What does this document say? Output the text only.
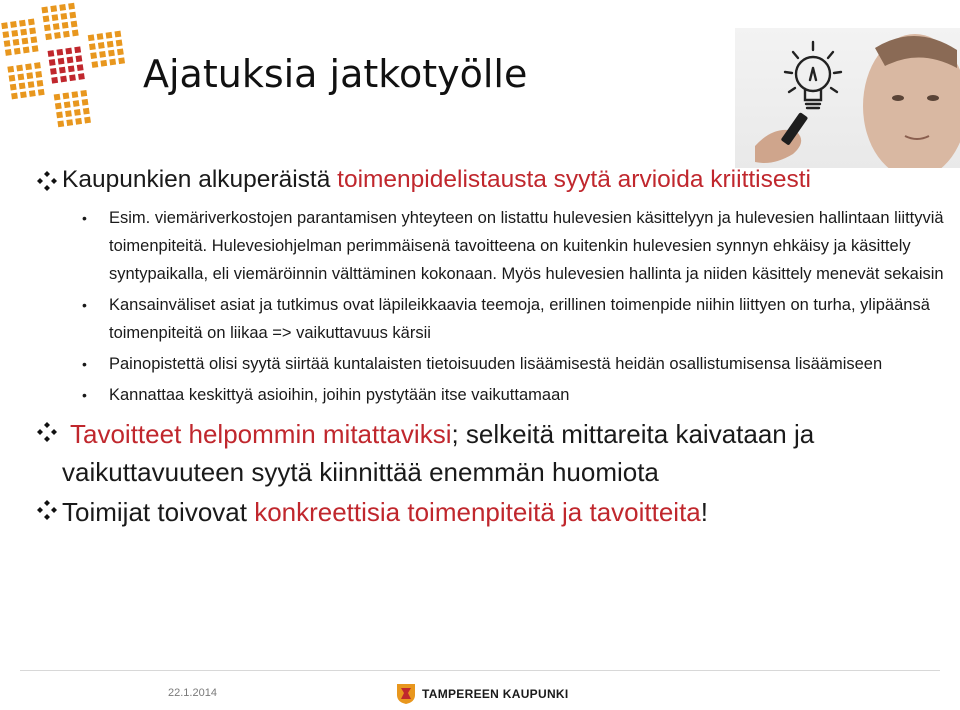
Ajatuksia jatkotyölle

Kaupunkien alkuperäistä toimenpidelistausta syytä arvioida kriittisesti

• Esim. viemäriverkostojen parantamisen yhteyteen on listattu hulevesien käsittelyyn ja hulevesien hallintaan liittyviä toimenpiteitä. Hulevesiohjelman perimmäisenä tavoitteena on kuitenkin hulevesien synnyn ehkäisy ja käsittely syntypaikalla, eli viemäröinnin välttäminen kokonaan. Myös hulevesien hallinta ja niiden käsittely menevät sekaisin
• Kansainväliset asiat ja tutkimus ovat läpileikkaavia teemoja, erillinen toimenpide niihin liittyen on turha, ylipäänsä toimenpiteitä on liikaa => vaikuttavuus kärsii
• Painopistettä olisi syytä siirtää kuntalaisten tietoisuuden lisäämisestä heidän osallistumisensa lisäämiseen
• Kannattaa keskittyä asioihin, joihin pystytään itse vaikuttamaan

Tavoitteet helpommin mitattaviksi; selkeitä mittareita kaivataan ja vaikuttavuuteen syytä kiinnittää enemmän huomiota

Toimijat toivovat konkreettisia toimenpiteitä ja tavoitteita!

22.1.2014	TAMPEREEN KAUPUNKI
